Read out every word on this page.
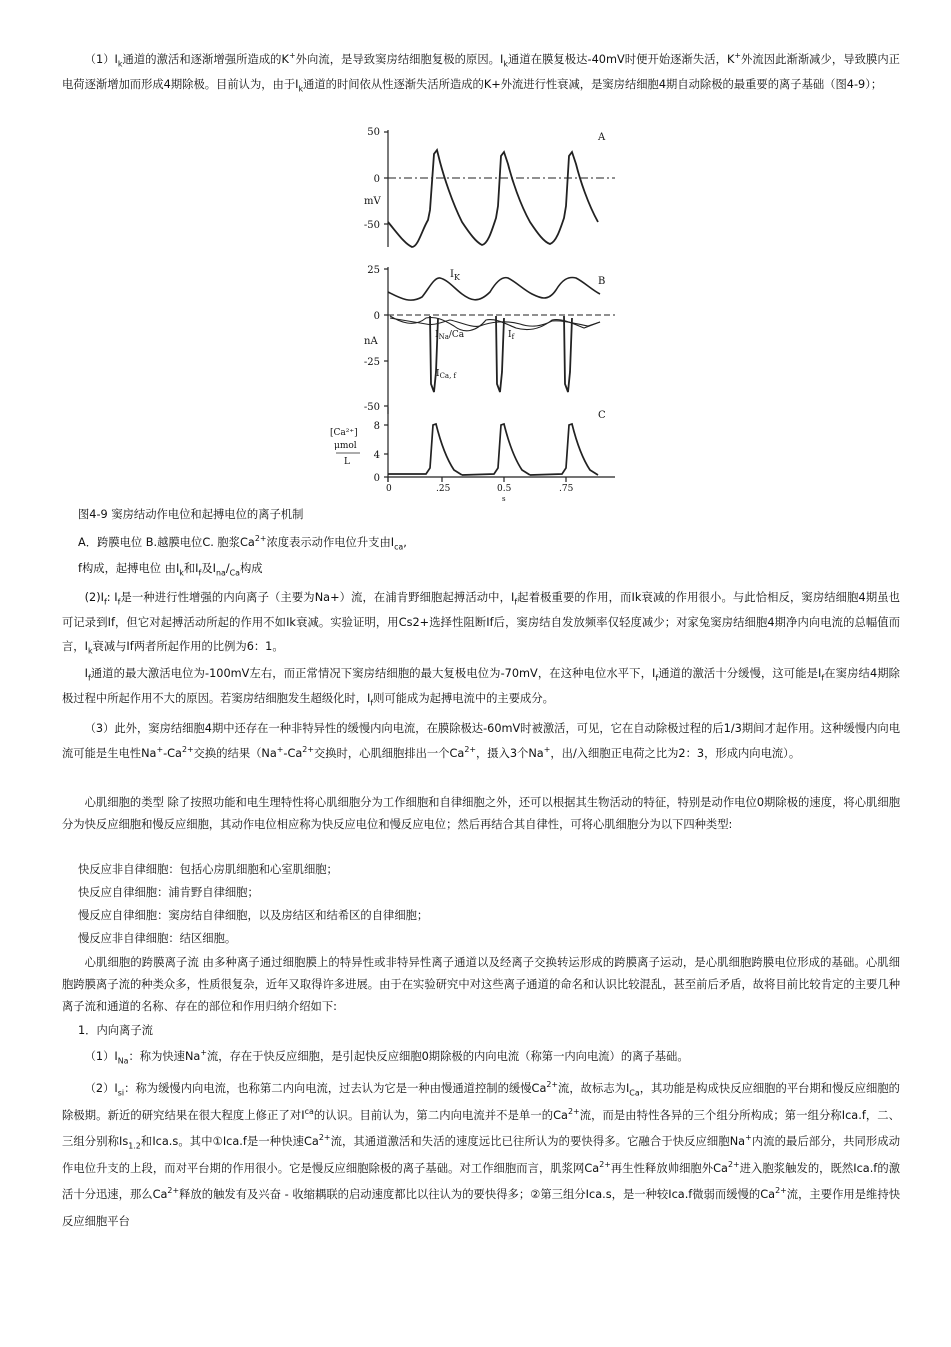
$(1)I_k$通道的激活和逐渐增强所造成的K+外向流，是导致窦房结细胞复极的原因。$I_k$通道在膜复极达-40mV时便开始逐渐失活，K+外流因此渐渐减少，导致膜内正电荷逐渐增加而形成4期除极。目前认为，由于$I_k$通道的时间依从性逐渐失活所造成的K+外流进行性衰减，是窦房结细胞4期自动除极的最重要的离子基础（图4-9）；

A
50
0
-50
mV
B
25
0
-25
-50
nA
$I_K$
$I_{Na}/Ca$	$I_f$
$I_{Ca, f}$
C
8
4
0
[Ca²⁺]
μmol
L
0	.25	0.5	.75
s

图4-9 窦房结动作电位和起搏电位的离子机制

A．跨膜电位 B.越膜电位C. 胞浆$Ca^{2+}$浓度表示动作电位升支由$I_{ca}$,

f构成，起搏电位 由$I_k$和$I_f$及$I_{na}/_{Ca}$构成

$(2)I_f$: $I_f$是一种进行性增强的内向离子（主要为Na+）流，在浦肯野细胞起搏活动中，$I_f$起着极重要的作用，而Ik衰减的作用很小。与此恰相反，窦房结细胞4期虽也可记录到If，但它对起搏活动所起的作用不如Ik衰减。实验证明，用Cs2+选择性阻断If后，窦房结自发放频率仅轻度减少；对家兔窦房结细胞4期净内向电流的总幅值而言，$I_k$衰减与If两者所起作用的比例为6：1。

$I_f$通道的最大激活电位为-100mV左右，而正常情况下窦房结细胞的最大复极电位为-70mV，在这种电位水平下，$I_f$通道的激活十分缓慢，这可能是$I_f$在窦房结4期除极过程中所起作用不大的原因。若窦房结细胞发生超级化时，$I_f$则可能成为起搏电流中的主要成分。

（3）此外，窦房结细胞4期中还存在一种非特异性的缓慢内向电流，在膜除极达-60mV时被激活，可见，它在自动除极过程的后1/3期间才起作用。这种缓慢内向电流可能是生电性$Na^+-Ca^{2+}$交换的结果（$Na^+-Ca^{2+}$交换时，心肌细胞排出一个$Ca^{2+}$，摄入3个Na+，出/入细胞正电荷之比为2：3，形成内向电流）。

心肌细胞的类型 除了按照功能和电生理特性将心肌细胞分为工作细胞和自律细胞之外，还可以根据其生物活动的特征，特别是动作电位0期除极的速度，将心肌细胞分为快反应细胞和慢反应细胞，其动作电位相应称为快反应电位和慢反应电位；然后再结合其自律性，可将心肌细胞分为以下四种类型:

快反应非自律细胞：包括心房肌细胞和心室肌细胞；

快反应自律细胞：浦肯野自律细胞；

慢反应自律细胞：窦房结自律细胞，以及房结区和结希区的自律细胞；

慢反应非自律细胞：结区细胞。

心肌细胞的跨膜离子流 由多种离子通过细胞膜上的特异性或非特异性离子通道以及经离子交换转运形成的跨膜离子运动，是心肌细胞跨膜电位形成的基础。心肌细胞跨膜离子流的种类众多，性质很复杂，近年又取得许多进展。由于在实验研究中对这些离子通道的命名和认识比较混乱，甚至前后矛盾，故将目前比较肯定的主要几种离子流和通道的名称、存在的部位和作用归纳介绍如下:

1．内向离子流

$(1)I_{Na}$：称为快速Na+流，存在于快反应细胞，是引起快反应细胞0期除极的内向电流（称第一内向电流）的离子基础。

$(2)I_{si}$：称为缓慢内向电流，也称第二内向电流，过去认为它是一种由慢通道控制的缓慢$Ca^{2+}$流，故标志为$I_{Ca}$，其功能是构成快反应细胞的平台期和慢反应细胞的除极期。新近的研究结果在很大程度上修正了对$I^{ca}$的认识。目前认为，第二内向电流并不是单一的$Ca^{2+}$流，而是由特性各异的三个组分所构成；第一组分称Ica.f，二、三组分别称$Is_{1.2}$和Ica.s。其中①Ica.f是一种快速$Ca^{2+}$流，其通道激活和失活的速度远比已往所认为的要快得多。它融合于快反应细胞Na+内流的最后部分，共同形成动作电位升支的上段，而对平台期的作用很小。它是慢反应细胞除极的离子基础。对工作细胞而言，肌浆网$Ca^{2+}$再生性释放帅细胞外$Ca^{2+}$进入胞浆触发的，既然Ica.f的激活十分迅速，那么$Ca^{2+}$释放的触发有及兴奋 - 收缩耦联的启动速度都比以往认为的要快得多；②第三组分Ica.s，是一种较Ica.f微弱而缓慢的$Ca^{2+}$流，主要作用是维持快反应细胞平台
